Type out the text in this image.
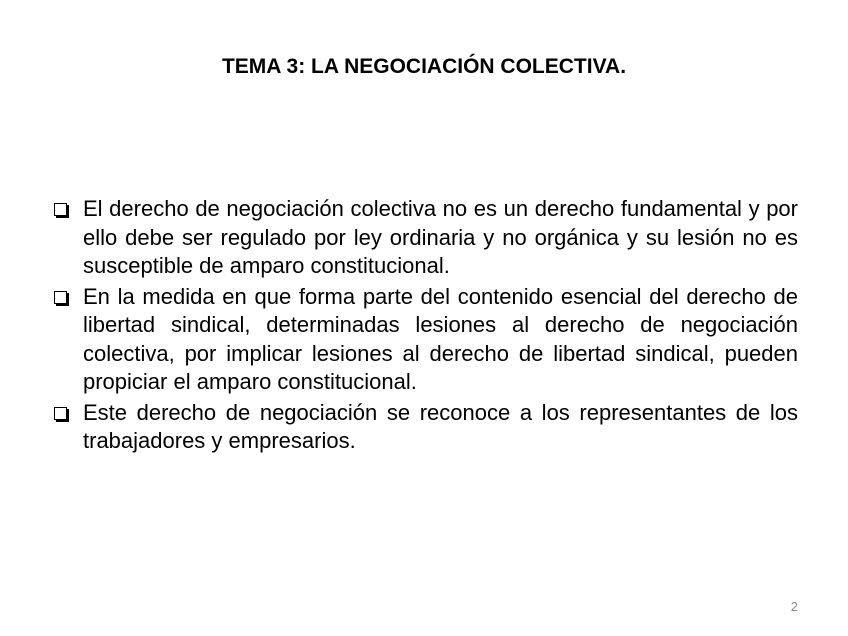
TEMA 3: LA NEGOCIACIÓN COLECTIVA.
El derecho de negociación colectiva no es un derecho fundamental y por ello debe ser regulado por ley ordinaria y no orgánica y su lesión no es susceptible de amparo constitucional.
En la medida en que forma parte del contenido esencial del derecho de libertad sindical, determinadas lesiones al derecho de negociación colectiva, por implicar lesiones al derecho de libertad sindical, pueden propiciar el amparo constitucional.
Este derecho de negociación se reconoce a los representantes de los trabajadores y empresarios.
2
